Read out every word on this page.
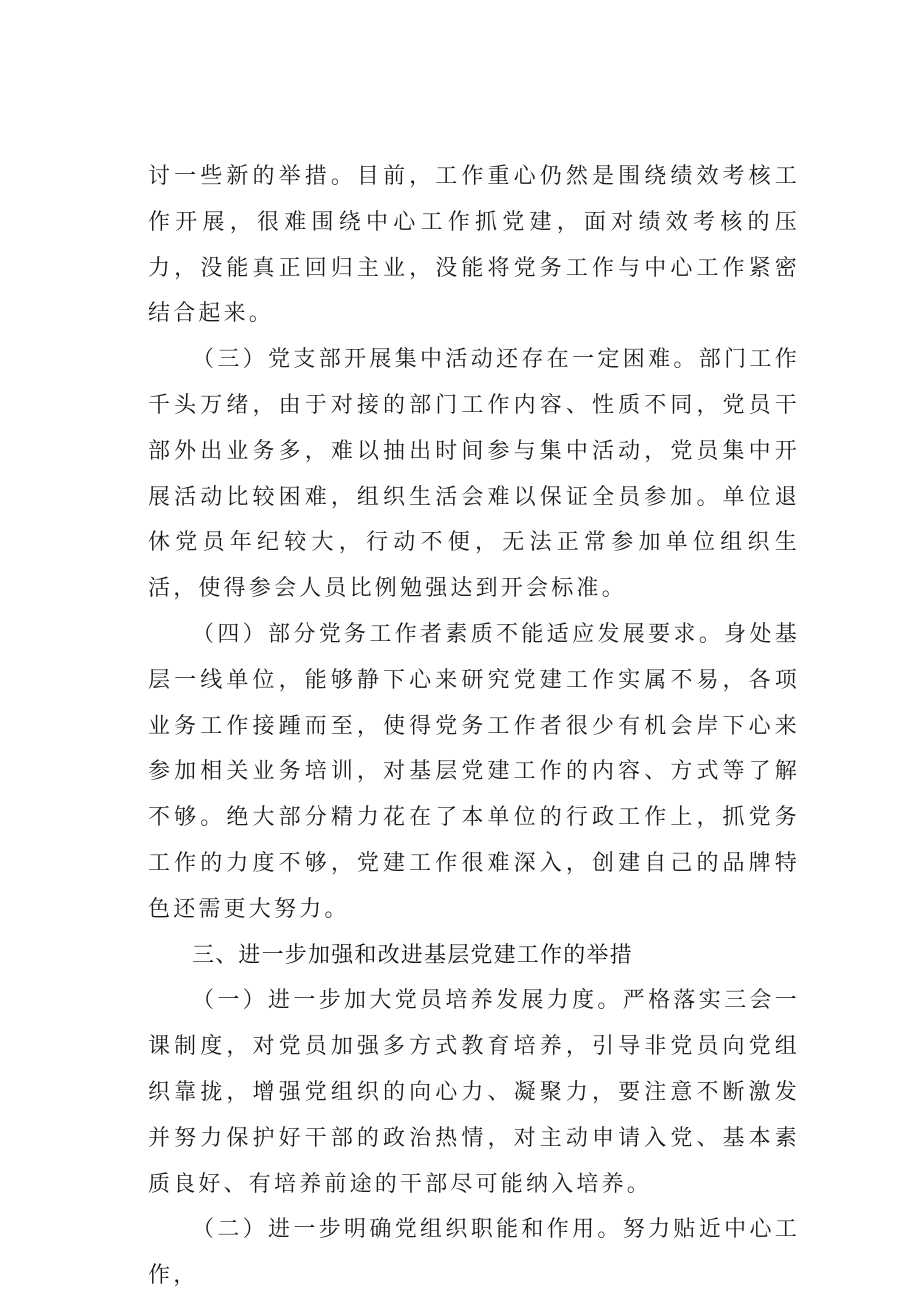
讨一些新的举措。目前，工作重心仍然是围绕绩效考核工作开展，很难围绕中心工作抓党建，面对绩效考核的压力，没能真正回归主业，没能将党务工作与中心工作紧密结合起来。

（三）党支部开展集中活动还存在一定困难。部门工作千头万绪，由于对接的部门工作内容、性质不同，党员干部外出业务多，难以抽出时间参与集中活动，党员集中开展活动比较困难，组织生活会难以保证全员参加。单位退休党员年纪较大，行动不便，无法正常参加单位组织生活，使得参会人员比例勉强达到开会标准。

（四）部分党务工作者素质不能适应发展要求。身处基层一线单位，能够静下心来研究党建工作实属不易，各项业务工作接踵而至，使得党务工作者很少有机会岸下心来参加相关业务培训，对基层党建工作的内容、方式等了解不够。绝大部分精力花在了本单位的行政工作上，抓党务工作的力度不够，党建工作很难深入，创建自己的品牌特色还需更大努力。

三、进一步加强和改进基层党建工作的举措

（一）进一步加大党员培养发展力度。严格落实三会一课制度，对党员加强多方式教育培养，引导非党员向党组织靠拢，增强党组织的向心力、凝聚力，要注意不断激发并努力保护好干部的政治热情，对主动申请入党、基本素质良好、有培养前途的干部尽可能纳入培养。

（二）进一步明确党组织职能和作用。努力贴近中心工作，
